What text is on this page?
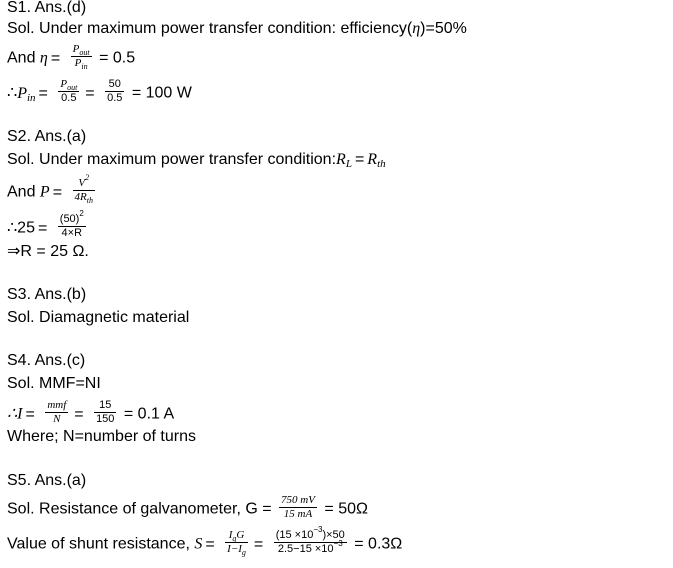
S1. Ans.(d)
Sol. Under maximum power transfer condition: efficiency(η)=50%
And $\eta = \frac{P_{out}}{P_{in}} = 0.5$
$\therefore P_{in} = \frac{P_{out}}{0.5} = \frac{50}{0.5} = 100$ W
S2. Ans.(a)
Sol. Under maximum power transfer $condition:R_L = R_{th}$
And $P = \frac{V^2}{4R_{th}}$
∴25 = $\frac{(50)^2}{4\times R}$
⇒R = 25 Ω.
S3. Ans.(b)
Sol. Diamagnetic material
S4. Ans.(c)
Sol. MMF=NI
∴I = $\frac{\text{mmf}}{N} = \frac{15}{150} = 0.1$ A
Where; N=number of turns
S5. Ans.(a)
Sol. Resistance of galvanometer, $G = \frac{750 mV}{15 mA} = 50\Omega$
Value of shunt resistance, $S = \frac{I_gG}{I-I_g} = \frac{(15 \times 10^{-3})\times 50}{2.5-15 \times 10^{-3}} = 0.3\Omega$
